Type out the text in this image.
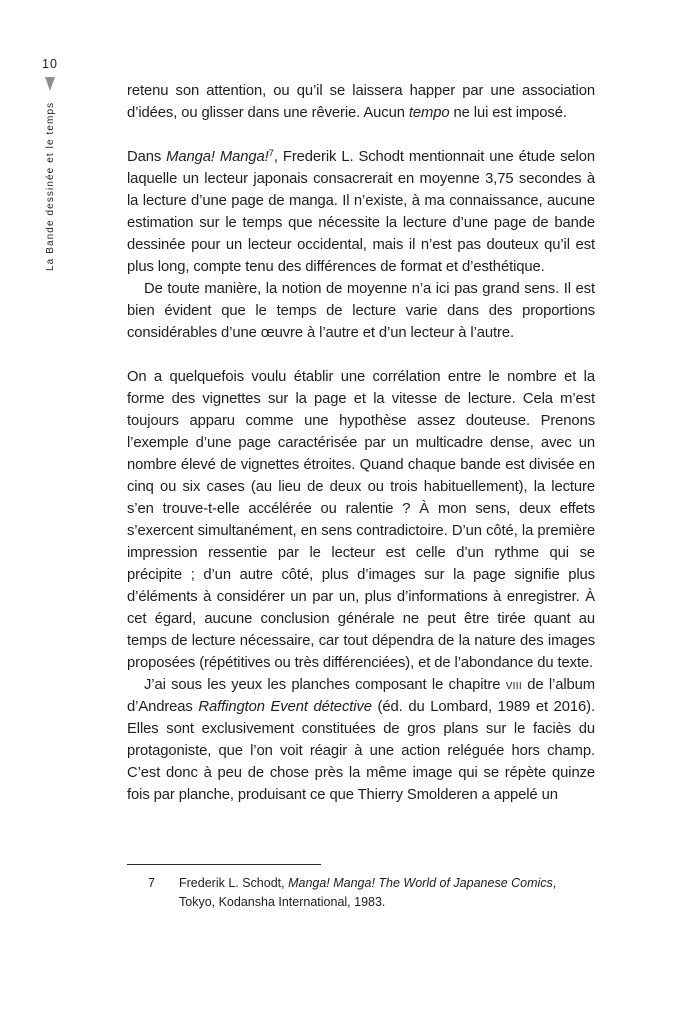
10
La Bande dessinée et le temps

retenu son attention, ou qu’il se laissera happer par une association d’idées, ou glisser dans une rêverie. Aucun tempo ne lui est imposé.

Dans Manga! Manga!$^7$, Frederik L. Schodt mentionnait une étude selon laquelle un lecteur japonais consacrerait en moyenne 3,75 secondes à la lecture d’une page de manga. Il n’existe, à ma connaissance, aucune estimation sur le temps que nécessite la lecture d’une page de bande dessinée pour un lecteur occidental, mais il n’est pas douteux qu’il est plus long, compte tenu des différences de format et d’esthétique.

De toute manière, la notion de moyenne n’a ici pas grand sens. Il est bien évident que le temps de lecture varie dans des proportions considérables d’une œuvre à l’autre et d’un lecteur à l’autre.

On a quelquefois voulu établir une corrélation entre le nombre et la forme des vignettes sur la page et la vitesse de lecture. Cela m’est toujours apparu comme une hypothèse assez douteuse. Prenons l’exemple d’une page caractérisée par un multicadre dense, avec un nombre élevé de vignettes étroites. Quand chaque bande est divisée en cinq ou six cases (au lieu de deux ou trois habituellement), la lecture s’en trouve-t-elle accélérée ou ralentie ? À mon sens, deux effets s’exercent simultanément, en sens contradictoire. D’un côté, la première impression ressentie par le lecteur est celle d’un rythme qui se précipite ; d’un autre côté, plus d’images sur la page signifie plus d’éléments à considérer un par un, plus d’informations à enregistrer. À cet égard, aucune conclusion générale ne peut être tirée quant au temps de lecture nécessaire, car tout dépendra de la nature des images proposées (répétitives ou très différenciées), et de l’abondance du texte.

J’ai sous les yeux les planches composant le chapitre viii de l’album d’Andreas Raffington Event détective (éd. du Lombard, 1989 et 2016). Elles sont exclusivement constituées de gros plans sur le faciès du protagoniste, que l’on voit réagir à une action reléguée hors champ. C’est donc à peu de chose près la même image qui se répète quinze fois par planche, produisant ce que Thierry Smolderen a appelé un

7	Frederik L. Schodt, Manga! Manga! The World of Japanese Comics, Tokyo, Kodansha International, 1983.
